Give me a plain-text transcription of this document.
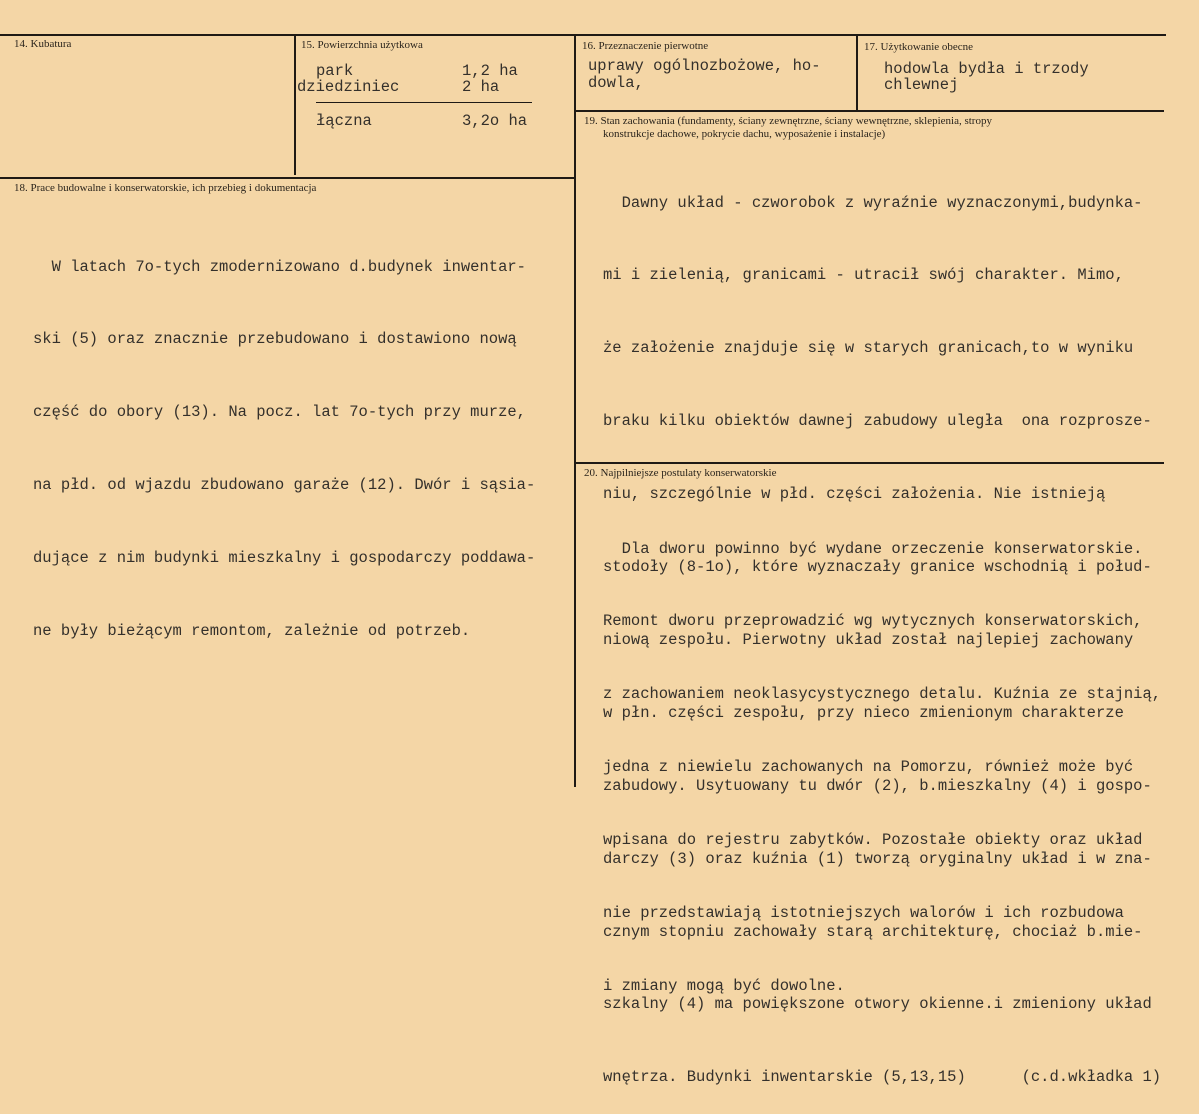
14. Kubatura	15. Powierzchnia użytkowa
park	1,2 ha
dziedziniec	2 ha
łączna	3,2o ha
16. Przeznaczenie pierwotne
uprawy ogólnozbożowe, ho-
dowla,
17. Użytkowanie obecne
hodowla bydła i trzody
chlewnej
18. Prace budowalne i konserwatorskie, ich przebieg i dokumentacja

W latach 7o-tych zmodernizowano d.budynek inwentar-

ski (5) oraz znacznie przebudowano i dostawiono nową

część do obory (13). Na pocz. lat 7o-tych przy murze,

na płd. od wjazdu zbudowano garaże (12). Dwór i sąsia-

dujące z nim budynki mieszkalny i gospodarczy poddawa-

ne były bieżącym remontom, zależnie od potrzeb.

19. Stan zachowania (fundamenty, ściany zewnętrzne, ściany wewnętrzne, sklepienia, stropy
konstrukcje dachowe, pokrycie dachu, wyposażenie i instalacje)

Dawny układ - czworobok z wyraźnie wyznaczonymi,budynka-

mi i zielenią, granicami - utracił swój charakter. Mimo,

że założenie znajduje się w starych granicach,to w wyniku

braku kilku obiektów dawnej zabudowy uległa  ona rozprosze-

niu, szczególnie w płd. części założenia. Nie istnieją

stodoły (8-1o), które wyznaczały granice wschodnią i połud-

niową zespołu. Pierwotny układ został najlepiej zachowany

w płn. części zespołu, przy nieco zmienionym charakterze

zabudowy. Usytuowany tu dwór (2), b.mieszkalny (4) i gospo-

darczy (3) oraz kuźnia (1) tworzą oryginalny układ i w zna-

cznym stopniu zachowały starą architekturę, chociaż b.mie-

szkalny (4) ma powiększone otwory okienne.i zmieniony układ

wnętrza. Budynki inwentarskie (5,13,15)      (c.d.wkładka 1)

20. Najpilniejsze postulaty konserwatorskie

Dla dworu powinno być wydane orzeczenie konserwatorskie.

Remont dworu przeprowadzić wg wytycznych konserwatorskich,

z zachowaniem neoklasycystycznego detalu. Kuźnia ze stajnią,

jedna z niewielu zachowanych na Pomorzu, również może być

wpisana do rejestru zabytków. Pozostałe obiekty oraz układ

nie przedstawiają istotniejszych walorów i ich rozbudowa

i zmiany mogą być dowolne.
